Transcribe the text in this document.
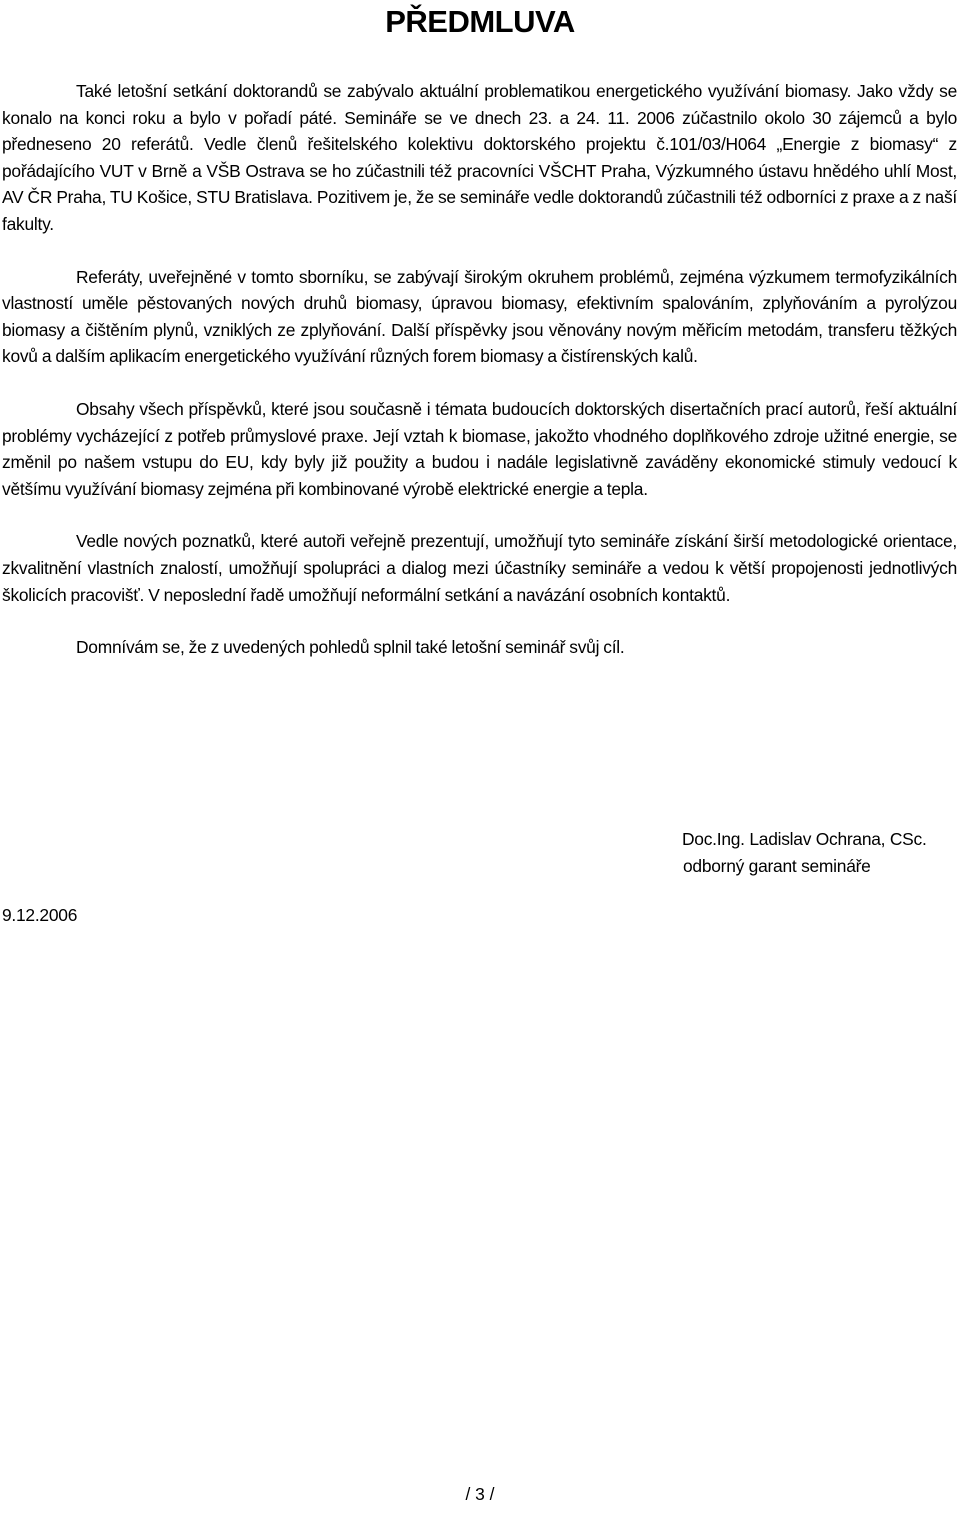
PŘEDMLUVA

Také letošní setkání doktorandů se zabývalo aktuální problematikou energetického využívání biomasy. Jako vždy se konalo na konci roku a bylo v pořadí páté. Semináře se ve dnech 23. a 24. 11. 2006 zúčastnilo okolo 30 zájemců a bylo předneseno 20 referátů. Vedle členů řešitelského kolektivu doktorského projektu č.101/03/H064 „Energie z biomasy“ z pořádajícího VUT v Brně a VŠB Ostrava se ho zúčastnili též pracovníci VŠCHT Praha, Výzkumného ústavu hnědého uhlí Most, AV ČR Praha, TU Košice, STU Bratislava. Pozitivem je, že se semináře vedle doktorandů zúčastnili též odborníci z praxe a z naší fakulty.

Referáty, uveřejněné v tomto sborníku, se zabývají širokým okruhem problémů, zejména výzkumem termofyzikálních vlastností uměle pěstovaných nových druhů biomasy, úpravou biomasy, efektivním spalováním, zplyňováním a pyrolýzou biomasy a čištěním plynů, vzniklých ze zplyňování. Další příspěvky jsou věnovány novým měřicím metodám, transferu těžkých kovů a dalším aplikacím energetického využívání různých forem biomasy a čistírenských kalů.

Obsahy všech příspěvků, které jsou současně i témata budoucích doktorských disertačních prací autorů, řeší aktuální problémy vycházející z potřeb průmyslové praxe. Její vztah k biomase, jakožto vhodného doplňkového zdroje užitné energie, se změnil po našem vstupu do EU, kdy byly již použity a budou i nadále legislativně zaváděny ekonomické stimuly vedoucí k většímu využívání biomasy zejména při kombinované výrobě elektrické energie a tepla.

Vedle nových poznatků, které autoři veřejně prezentují, umožňují tyto semináře získání širší metodologické orientace, zkvalitnění vlastních znalostí, umožňují spolupráci a dialog mezi účastníky semináře a vedou k větší propojenosti jednotlivých školicích pracovišť. V neposlední řadě umožňují neformální setkání a navázání osobních kontaktů.

Domnívám se, že z uvedených pohledů splnil také letošní seminář svůj cíl.

Doc.Ing. Ladislav Ochrana, CSc.
odborný garant semináře
9.12.2006
/ 3 /
